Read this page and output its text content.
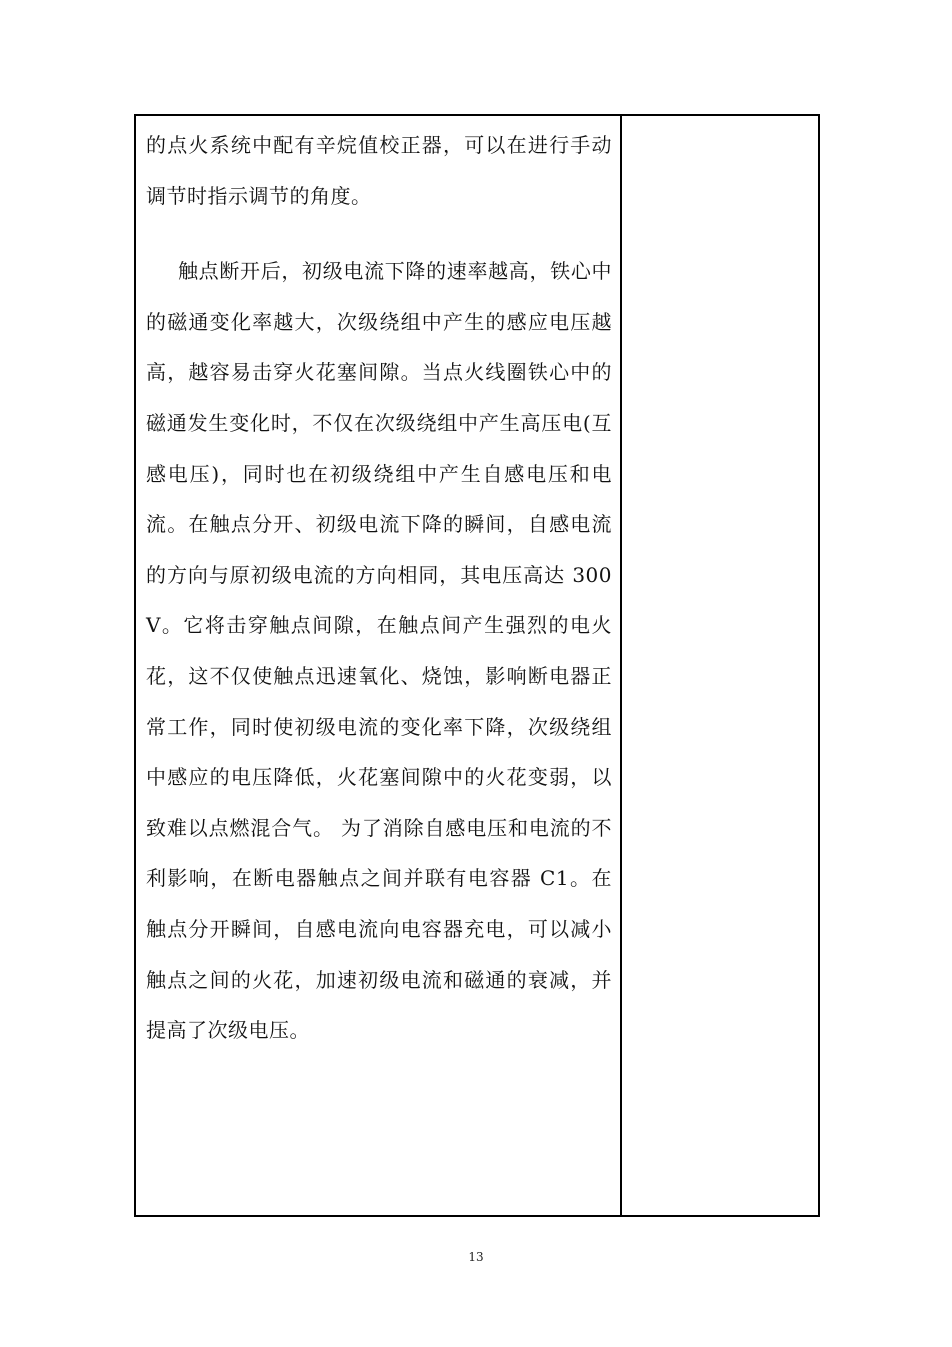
的点火系统中配有辛烷值校正器，可以在进行手动调节时指示调节的角度。

触点断开后，初级电流下降的速率越高，铁心中的磁通变化率越大，次级绕组中产生的感应电压越高，越容易击穿火花塞间隙。当点火线圈铁心中的磁通发生变化时，不仅在次级绕组中产生高压电(互感电压)，同时也在初级绕组中产生自感电压和电流。在触点分开、初级电流下降的瞬间，自感电流的方向与原初级电流的方向相同，其电压高达 300V。它将击穿触点间隙，在触点间产生强烈的电火花，这不仅使触点迅速氧化、烧蚀，影响断电器正常工作，同时使初级电流的变化率下降，次级绕组中感应的电压降低，火花塞间隙中的火花变弱，以致难以点燃混合气。 为了消除自感电压和电流的不利影响，在断电器触点之间并联有电容器 C1。在触点分开瞬间，自感电流向电容器充电，可以减小触点之间的火花，加速初级电流和磁通的衰减，并提高了次级电压。

13
